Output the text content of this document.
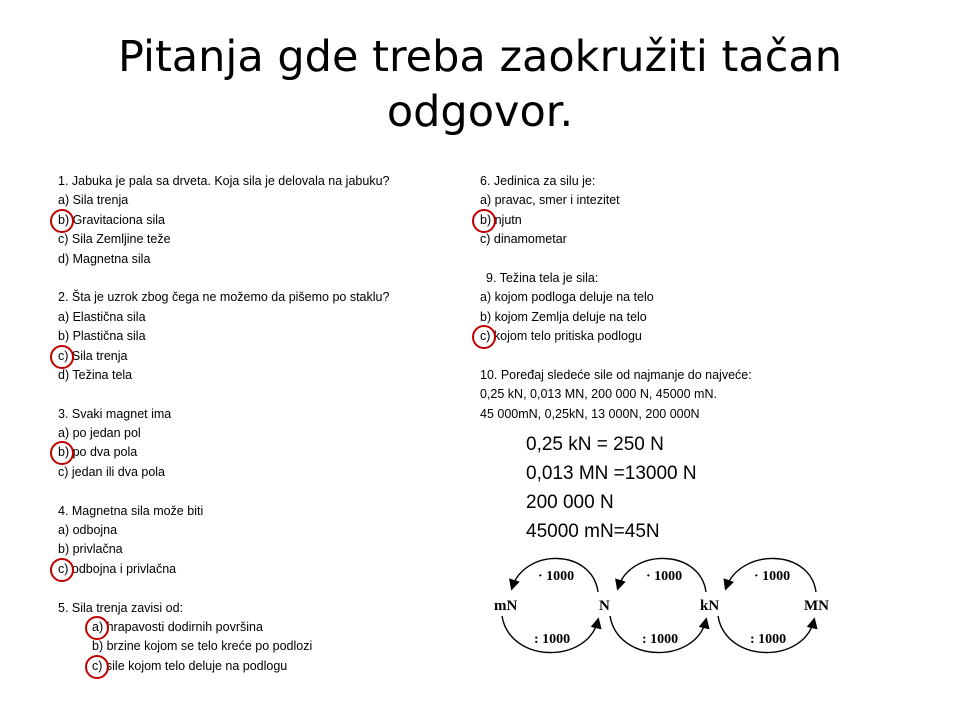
Pitanja gde treba zaokružiti tačan
odgovor.
1. Jabuka je pala sa drveta. Koja sila je delovala na jabuku?
a) Sila trenja
b) Gravitaciona sila
c) Sila Zemljine teže
d) Magnetna sila
2. Šta je uzrok zbog čega ne možemo da pišemo po staklu?
a) Elastična sila
b) Plastična sila
c) Sila trenja
d) Težina tela
3. Svaki magnet ima
a) po jedan pol
b) po dva pola
c) jedan ili dva pola
4. Magnetna sila može biti
a) odbojna
b) privlačna
c) odbojna i privlačna
5. Sila trenja zavisi od:
a) hrapavosti dodirnih površina
b) brzine kojom se telo kreće po podlozi
c) sile kojom telo deluje na podlogu
6. Jedinica za silu je:
a) pravac, smer i intezitet
b) njutn
c) dinamometar
9. Težina tela je sila:
a) kojom podloga deluje na telo
b) kojom Zemlja deluje na telo
c) kojom telo pritiska podlogu
10. Poređaj sledeće sile od najmanje do najveće:
0,25 kN, 0,013 MN, 200 000 N, 45000 mN.
45 000mN, 0,25kN, 13 000N, 200 000N
0,25 kN = 250 N
0,013 MN =13000 N
200 000 N
45000 mN=45N
· 1000	· 1000	· 1000
: 1000	: 1000	: 1000
mN	N	kN	MN
